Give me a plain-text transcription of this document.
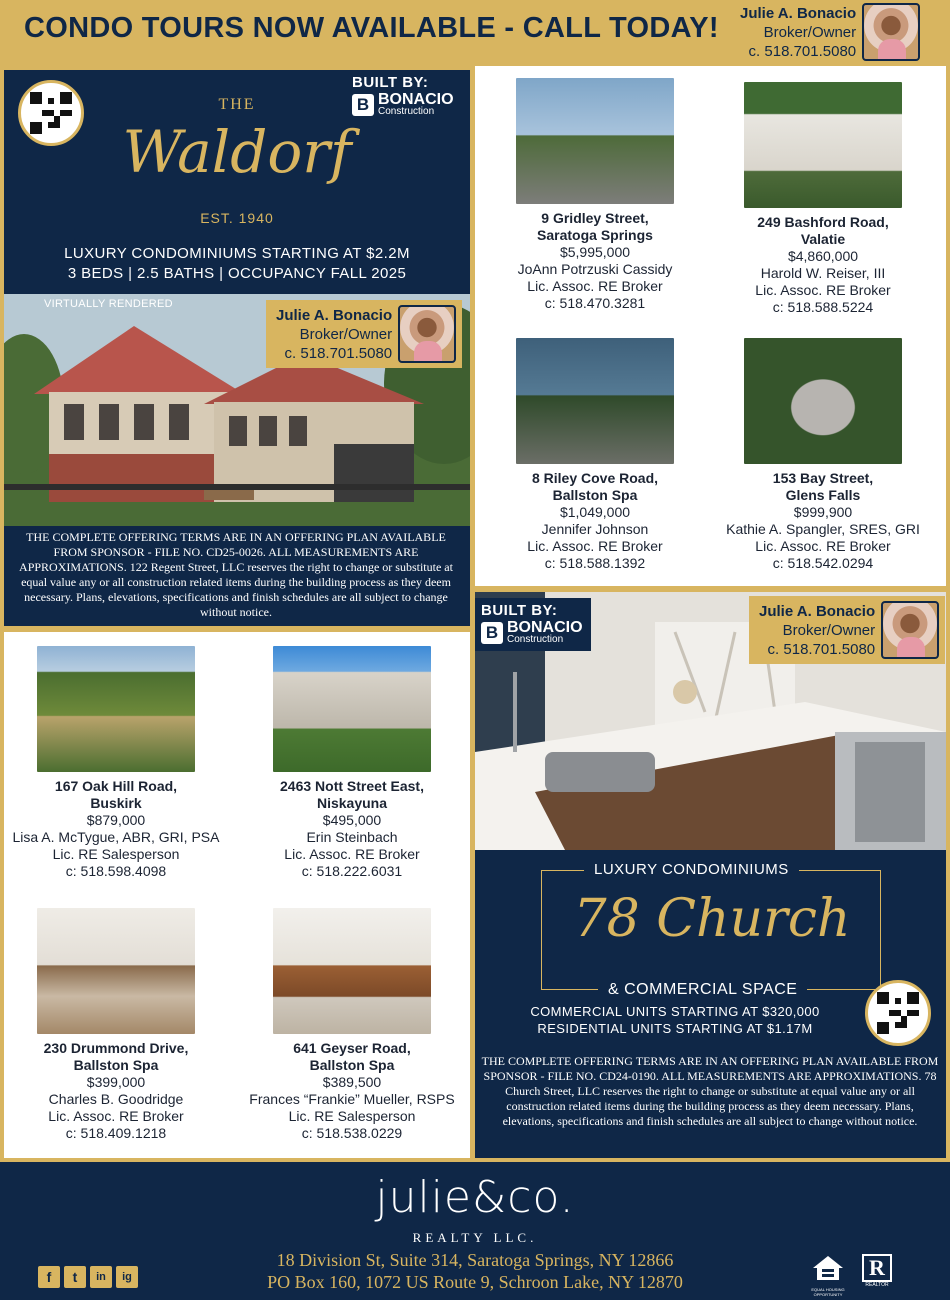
CONDO TOURS NOW AVAILABLE - CALL TODAY! Julie A. Bonacio
Broker/Owner
c. 518.701.5080
BUILT BY:
B BONACIO
Construction
THE
Waldorf
EST. 1940
LUXURY CONDOMINIUMS STARTING AT $2.2M
3 BEDS | 2.5 BATHS | OCCUPANCY FALL 2025
VIRTUALLY RENDERED
Julie A. Bonacio
Broker/Owner
c. 518.701.5080
THE COMPLETE OFFERING TERMS ARE IN AN OFFERING PLAN AVAILABLE FROM SPONSOR - FILE NO. CD25-0026. ALL MEASUREMENTS ARE APPROXIMATIONS. 122 Regent Street, LLC reserves the right to change or substitute at equal value any or all construction related items during the building process as they deem necessary. Plans, elevations, specifications and finish schedules are all subject to change without notice.
9 Gridley Street,
Saratoga Springs
$5,995,000
JoAnn Potrzuski Cassidy
Lic. Assoc. RE Broker
c: 518.470.3281
249 Bashford Road,
Valatie
$4,860,000
Harold W. Reiser, III
Lic. Assoc. RE Broker
c: 518.588.5224
8 Riley Cove Road,
Ballston Spa
$1,049,000
Jennifer Johnson
Lic. Assoc. RE Broker
c: 518.588.1392
153 Bay Street,
Glens Falls
$999,900
Kathie A. Spangler, SRES, GRI
Lic. Assoc. RE Broker
c: 518.542.0294
167 Oak Hill Road,
Buskirk
$879,000
Lisa A. McTygue, ABR, GRI, PSA
Lic. RE Salesperson
c: 518.598.4098
2463 Nott Street East,
Niskayuna
$495,000
Erin Steinbach
Lic. Assoc. RE Broker
c: 518.222.6031
230 Drummond Drive,
Ballston Spa
$399,000
Charles B. Goodridge
Lic. Assoc. RE Broker
c: 518.409.1218
641 Geyser Road,
Ballston Spa
$389,500
Frances “Frankie” Mueller, RSPS
Lic. RE Salesperson
c: 518.538.0229
BUILT BY:
B BONACIO
Construction
Julie A. Bonacio
Broker/Owner
c. 518.701.5080
LUXURY CONDOMINIUMS
78 Church
& COMMERCIAL SPACE
COMMERCIAL UNITS STARTING AT $320,000
RESIDENTIAL UNITS STARTING AT $1.17M
THE COMPLETE OFFERING TERMS ARE IN AN OFFERING PLAN AVAILABLE FROM SPONSOR - FILE NO. CD24-0190. ALL MEASUREMENTS ARE APPROXIMATIONS. 78 Church Street, LLC reserves the right to change or substitute at equal value any or all construction related items during the building process as they deem necessary. Plans, elevations, specifications and finish schedules are all subject to change without notice.
julie&co.
REALTY LLC.
18 Division St, Suite 314, Saratoga Springs, NY 12866
PO Box 160, 1072 US Route 9, Schroon Lake, NY 12870
f	t	in	ig
EQUAL HOUSING OPPORTUNITY
R
REALTOR
